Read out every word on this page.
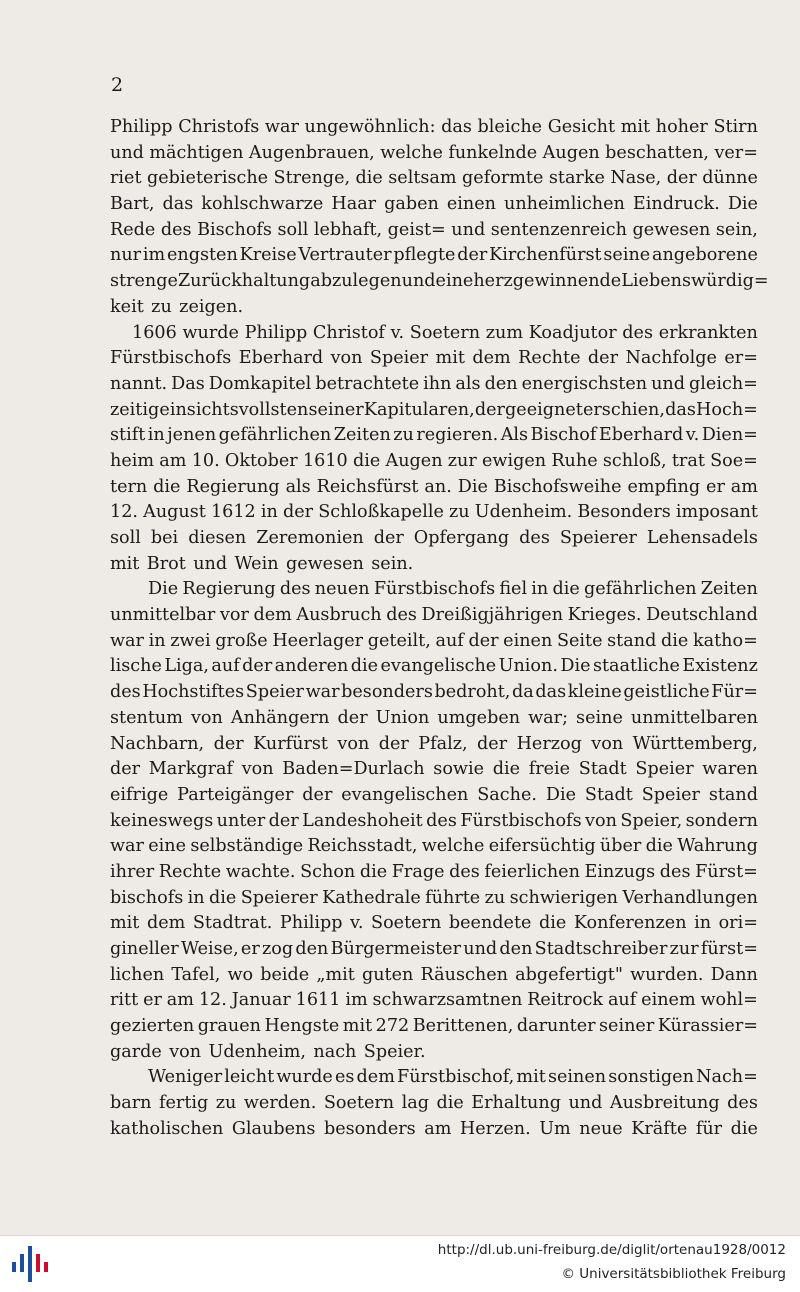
2
Philipp Christofs war ungewöhnlich: das bleiche Gesicht mit hoher Stirn
und mächtigen Augenbrauen, welche funkelnde Augen beschatten, ver=
riet gebieterische Strenge, die seltsam geformte starke Nase, der dünne
Bart, das kohlschwarze Haar gaben einen unheimlichen Eindruck. Die
Rede des Bischofs soll lebhaft, geist= und sentenzenreich gewesen sein,
nur im engsten Kreise Vertrauter pflegte der Kirchenfürst seine angeborene
strenge Zurückhaltung abzulegen und eine herzgewinnende Liebenswürdig=
keit zu zeigen.
1606 wurde Philipp Christof v. Soetern zum Koadjutor des erkrankten
Fürstbischofs Eberhard von Speier mit dem Rechte der Nachfolge er=
nannt. Das Domkapitel betrachtete ihn als den energischsten und gleich=
zeitig einsichtsvollsten seiner Kapitularen, der geeignet erschien, das Hoch=
stift in jenen gefährlichen Zeiten zu regieren. Als Bischof Eberhard v. Dien=
heim am 10. Oktober 1610 die Augen zur ewigen Ruhe schloß, trat Soe=
tern die Regierung als Reichsfürst an. Die Bischofsweihe empfing er am
12. August 1612 in der Schloßkapelle zu Udenheim. Besonders imposant
soll bei diesen Zeremonien der Opfergang des Speierer Lehensadels
mit Brot und Wein gewesen sein.
Die Regierung des neuen Fürstbischofs fiel in die gefährlichen Zeiten
unmittelbar vor dem Ausbruch des Dreißigjährigen Krieges. Deutschland
war in zwei große Heerlager geteilt, auf der einen Seite stand die katho=
lische Liga, auf der anderen die evangelische Union. Die staatliche Existenz
des Hochstiftes Speier war besonders bedroht, da das kleine geistliche Für=
stentum von Anhängern der Union umgeben war; seine unmittelbaren
Nachbarn, der Kurfürst von der Pfalz, der Herzog von Württemberg,
der Markgraf von Baden=Durlach sowie die freie Stadt Speier waren
eifrige Parteigänger der evangelischen Sache. Die Stadt Speier stand
keineswegs unter der Landeshoheit des Fürstbischofs von Speier, sondern
war eine selbständige Reichsstadt, welche eifersüchtig über die Wahrung
ihrer Rechte wachte. Schon die Frage des feierlichen Einzugs des Fürst=
bischofs in die Speierer Kathedrale führte zu schwierigen Verhandlungen
mit dem Stadtrat. Philipp v. Soetern beendete die Konferenzen in ori=
gineller Weise, er zog den Bürgermeister und den Stadtschreiber zur fürst=
lichen Tafel, wo beide „mit guten Räuschen abgefertigt" wurden. Dann
ritt er am 12. Januar 1611 im schwarzsamtnen Reitrock auf einem wohl=
gezierten grauen Hengste mit 272 Berittenen, darunter seiner Kürassier=
garde von Udenheim, nach Speier.
Weniger leicht wurde es dem Fürstbischof, mit seinen sonstigen Nach=
barn fertig zu werden. Soetern lag die Erhaltung und Ausbreitung des
katholischen Glaubens besonders am Herzen. Um neue Kräfte für die
http://dl.ub.uni-freiburg.de/diglit/ortenau1928/0012
© Universitätsbibliothek Freiburg
